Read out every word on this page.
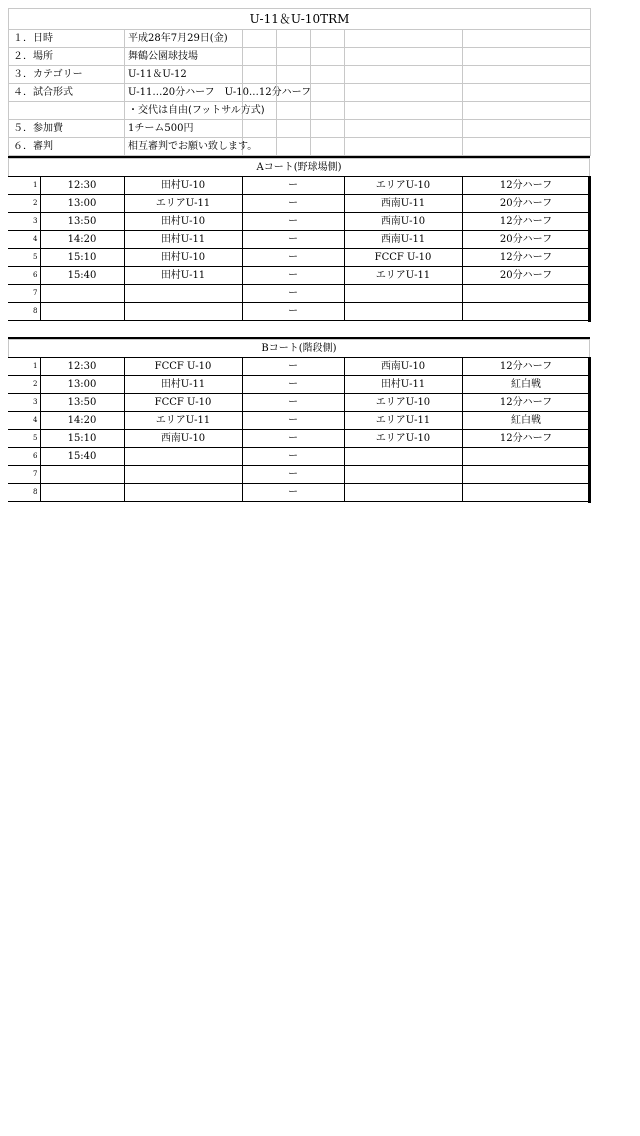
U-11＆U-10TRM						
１．日時	平成28年7月29日(金)					
２．場所	舞鶴公園球技場					
３．カテゴリー	U-11＆U-12					
４．試合形式	U-11…20分ハーフ　U-10…12分ハーフ					
	・交代は自由(フットサル方式)					
５．参加費	1チーム500円					
６．審判	相互審判でお願い致します。					
Aコート(野球場側)
1	12:30	田村U-10	ー	エリアU-10	12分ハーフ
2	13:00	エリアU-11	ー	西南U-11	20分ハーフ
3	13:50	田村U-10	ー	西南U-10	12分ハーフ
4	14:20	田村U-11	ー	西南U-11	20分ハーフ
5	15:10	田村U-10	ー	FCCF U-10	12分ハーフ
6	15:40	田村U-11	ー	エリアU-11	20分ハーフ
7			ー		
8			ー		
Bコート(階段側)
1	12:30	FCCF U-10	ー	西南U-10	12分ハーフ
2	13:00	田村U-11	ー	田村U-11	紅白戦
3	13:50	FCCF U-10	ー	エリアU-10	12分ハーフ
4	14:20	エリアU-11	ー	エリアU-11	紅白戦
5	15:10	西南U-10	ー	エリアU-10	12分ハーフ
6	15:40		ー		
7			ー		
8			ー		
